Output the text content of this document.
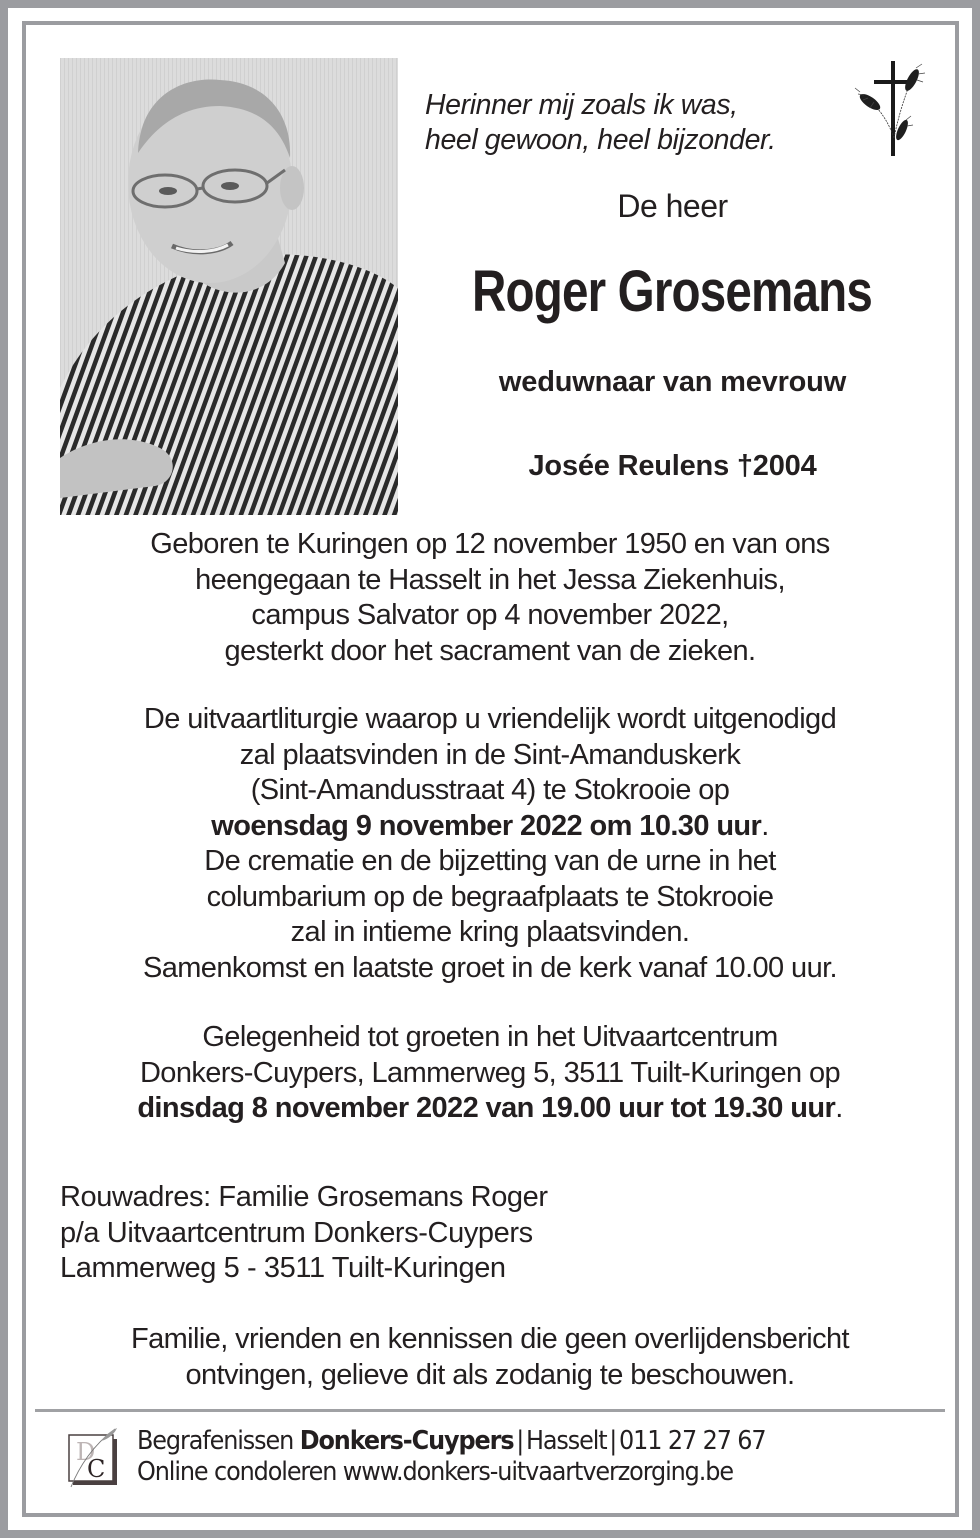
Herinner mij zoals ik was,
heel gewoon, heel bijzonder.
De heer
Roger Grosemans
weduwnaar van mevrouw
Josée Reulens †2004
Geboren te Kuringen op 12 november 1950 en van ons
heengegaan te Hasselt in het Jessa Ziekenhuis,
campus Salvator op 4 november 2022,
gesterkt door het sacrament van de zieken.
De uitvaartliturgie waarop u vriendelijk wordt uitgenodigd
zal plaatsvinden in de Sint-Amanduskerk
(Sint-Amandusstraat 4) te Stokrooie op
woensdag 9 november 2022 om 10.30 uur.
De crematie en de bijzetting van de urne in het
columbarium op de begraafplaats te Stokrooie
zal in intieme kring plaatsvinden.
Samenkomst en laatste groet in de kerk vanaf 10.00 uur.
Gelegenheid tot groeten in het Uitvaartcentrum
Donkers-Cuypers, Lammerweg 5, 3511 Tuilt-Kuringen op
dinsdag 8 november 2022 van 19.00 uur tot 19.30 uur.
Rouwadres: Familie Grosemans Roger
p/a Uitvaartcentrum Donkers-Cuypers
Lammerweg 5 - 3511 Tuilt-Kuringen
Familie, vrienden en kennissen die geen overlijdensbericht
ontvingen, gelieve dit als zodanig te beschouwen.
D
C
Begrafenissen Donkers-Cuypers | Hasselt | 011 27 27 67
Online condoleren www.donkers-uitvaartverzorging.be
